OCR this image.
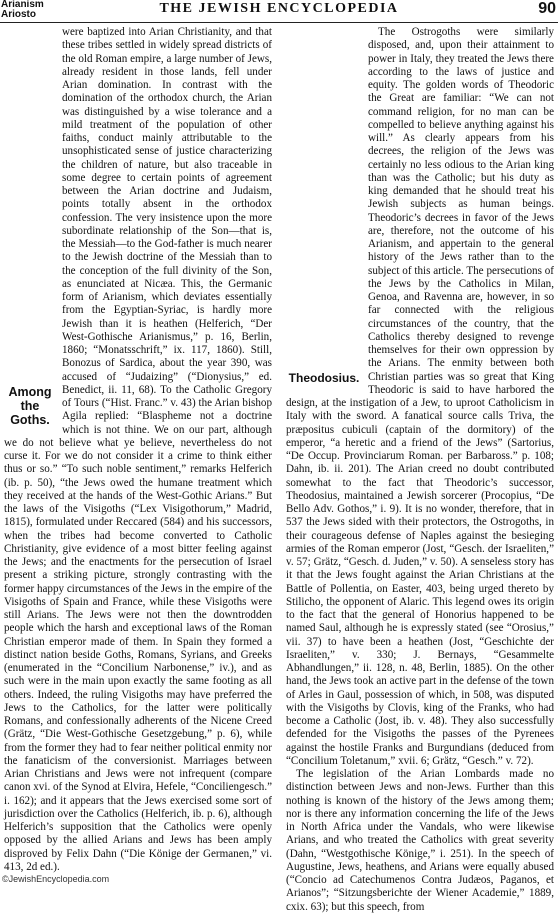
Arianism
Ariosto	THE JEWISH ENCYCLOPEDIA	90
Among the Goths.

were baptized into Arian Christianity, and that these tribes settled in widely spread districts of the old Roman empire, a large number of Jews, already resident in those lands, fell under Arian domination. In contrast with the domination of the orthodox church, the Arian was distinguished by a wise tolerance and a mild treatment of the population of other faiths, conduct mainly attributable to the unsophisticated sense of justice characterizing the children of nature, but also traceable in some degree to certain points of agreement between the Arian doctrine and Judaism, points totally absent in the orthodox confession. The very insistence upon the more subordinate relationship of the Son—that is, the Messiah—to the God-father is much nearer to the Jewish doctrine of the Messiah than to the conception of the full divinity of the Son, as enunciated at Nicæa. This, the Germanic form of Arianism, which deviates essentially from the Egyptian-Syriac, is hardly more Jewish than it is heathen (Helferich, “Der West-Gothische Arianismus,” p. 16, Berlin, 1860; “Monatsschrift,” ix. 117, 1860). Still, Bonozus of Sardica, about the year 390, was accused of “Judaizing” (“Dionysius,” ed. Benedict, ii. 11, 68). To the Catholic Gregory of Tours (“Hist. Franc.” v. 43) the Arian bishop Agila replied: “Blaspheme not a doctrine which is not thine. We on our part, although we do not believe what ye believe, nevertheless do not curse it. For we do not consider it a crime to think either thus or so.” “To such noble sentiment,” remarks Helferich (ib. p. 50), “the Jews owed the humane treatment which they received at the hands of the West-Gothic Arians.” But the laws of the Visigoths (“Lex Visigothorum,” Madrid, 1815), formulated under Reccared (584) and his successors, when the tribes had become converted to Catholic Christianity, give evidence of a most bitter feeling against the Jews; and the enactments for the persecution of Israel present a striking picture, strongly contrasting with the former happy circumstances of the Jews in the empire of the Visigoths of Spain and France, while these Visigoths were still Arians. The Jews were not then the downtrodden people which the harsh and exceptional laws of the Roman Christian emperor made of them. In Spain they formed a distinct nation beside Goths, Romans, Syrians, and Greeks (enumerated in the “Concilium Narbonense,” iv.), and as such were in the main upon exactly the same footing as all others. Indeed, the ruling Visigoths may have preferred the Jews to the Catholics, for the latter were politically Romans, and confessionally adherents of the Nicene Creed (Grätz, “Die West-Gothische Gesetzgebung,” p. 6), while from the former they had to fear neither political enmity nor the fanaticism of the conversionist. Marriages between Arian Christians and Jews were not infrequent (compare canon xvi. of the Synod at Elvira, Hefele, “Conciliengesch.” i. 162); and it appears that the Jews exercised some sort of jurisdiction over the Catholics (Helferich, ib. p. 6), although Helferich’s supposition that the Catholics were openly opposed by the allied Arians and Jews has been amply disproved by Felix Dahn (“Die Könige der Germanen,” vi. 413, 2d ed.).

Theodosius.

The Ostrogoths were similarly disposed, and, upon their attainment to power in Italy, they treated the Jews there according to the laws of justice and equity. The golden words of Theodoric the Great are familiar: “We can not command religion, for no man can be compelled to believe anything against his will.” As clearly appears from his decrees, the religion of the Jews was certainly no less odious to the Arian king than was the Catholic; but his duty as king demanded that he should treat his Jewish subjects as human beings. Theodoric’s decrees in favor of the Jews are, therefore, not the outcome of his Arianism, and appertain to the general history of the Jews rather than to the subject of this article. The persecutions of the Jews by the Catholics in Milan, Genoa, and Ravenna are, however, in so far connected with the religious circumstances of the country, that the Catholics thereby designed to revenge themselves for their own oppression by the Arians. The enmity between both Christian parties was so great that King Theodoric is said to have harbored the design, at the instigation of a Jew, to uproot Catholicism in Italy with the sword. A fanatical source calls Triva, the præpositus cubiculi (captain of the dormitory) of the emperor, “a heretic and a friend of the Jews” (Sartorius, “De Occup. Provinciarum Roman. per Barbaross.” p. 108; Dahn, ib. ii. 201). The Arian creed no doubt contributed somewhat to the fact that Theodoric’s successor, Theodosius, maintained a Jewish sorcerer (Procopius, “De Bello Adv. Gothos,” i. 9). It is no wonder, therefore, that in 537 the Jews sided with their protectors, the Ostrogoths, in their courageous defense of Naples against the besieging armies of the Roman emperor (Jost, “Gesch. der Israeliten,” v. 57; Grätz, “Gesch. d. Juden,” v. 50). A senseless story has it that the Jews fought against the Arian Christians at the Battle of Pollentia, on Easter, 403, being urged thereto by Stilicho, the opponent of Alaric. This legend owes its origin to the fact that the general of Honorius happened to be named Saul, although he is expressly stated (see “Orosius,” vii. 37) to have been a heathen (Jost, “Geschichte der Israeliten,” v. 330; J. Bernays, “Gesammelte Abhandlungen,” ii. 128, n. 48, Berlin, 1885). On the other hand, the Jews took an active part in the defense of the town of Arles in Gaul, possession of which, in 508, was disputed with the Visigoths by Clovis, king of the Franks, who had become a Catholic (Jost, ib. v. 48). They also successfully defended for the Visigoths the passes of the Pyrenees against the hostile Franks and Burgundians (deduced from “Concilium Toletanum,” xvii. 6; Grätz, “Gesch.” v. 72).

The legislation of the Arian Lombards made no distinction between Jews and non-Jews. Further than this nothing is known of the history of the Jews among them; nor is there any information concerning the life of the Jews in North Africa under the Vandals, who were likewise Arians, and who treated the Catholics with great severity (Dahn, “Westgothische Könige,” i. 251). In the speech of Augustine, Jews, heathens, and Arians were equally abused (“Concio ad Catechumenos Contra Judæos, Paganos, et Arianos”; “Sitzungsberichte der Wiener Academie,” 1889, cxix. 63); but this speech, from

©JewishEncyclopedia.com
